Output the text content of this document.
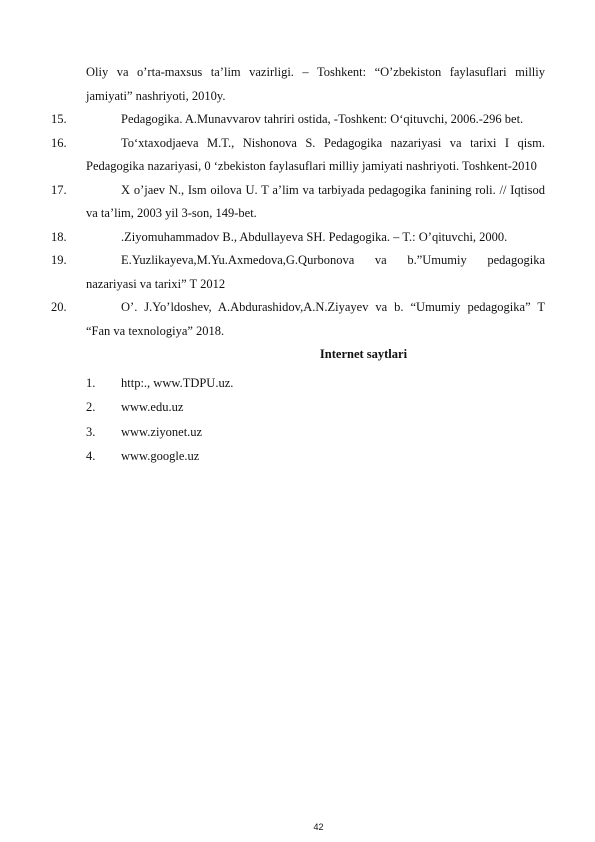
Oliy va o’rta-maxsus ta’lim vazirligi. – Toshkent: “O’zbekiston faylasuflari milliy jamiyati” nashriyoti, 2010y.
15.	Pedagogika. A.Munavvarov tahriri ostida, -Toshkent: O‘qituvchi, 2006.-296 bet.
16.	To‘xtaxodjaeva M.T., Nishonova S. Pedagogika nazariyasi va tarixi I qism. Pedagogika nazariyasi, 0 ‘zbekiston faylasuflari milliy jamiyati nashriyoti. Toshkent-2010
17.	X o’jaev N., Ism oilova U. T a’lim va tarbiyada pedagogika fanining roli. // Iqtisod va ta’lim, 2003 yil 3-son, 149-bet.
18.	.Ziyomuhammadov B., Abdullayeva SH. Pedagogika. – T.: O’qituvchi, 2000.
19.	E.Yuzlikayeva,M.Yu.Axmedova,G.Qurbonova va b.”Umumiy pedagogika nazariyasi va tarixi” T 2012
20.	O’. J.Yo’ldoshev, A.Abdurashidov,A.N.Ziyayev va b. “Umumiy pedagogika” T “Fan va texnologiya” 2018.
Internet saytlari
1.	http:., www.TDPU.uz.
2.	www.edu.uz
3.	www.ziyonet.uz
4.	www.google.uz
42
